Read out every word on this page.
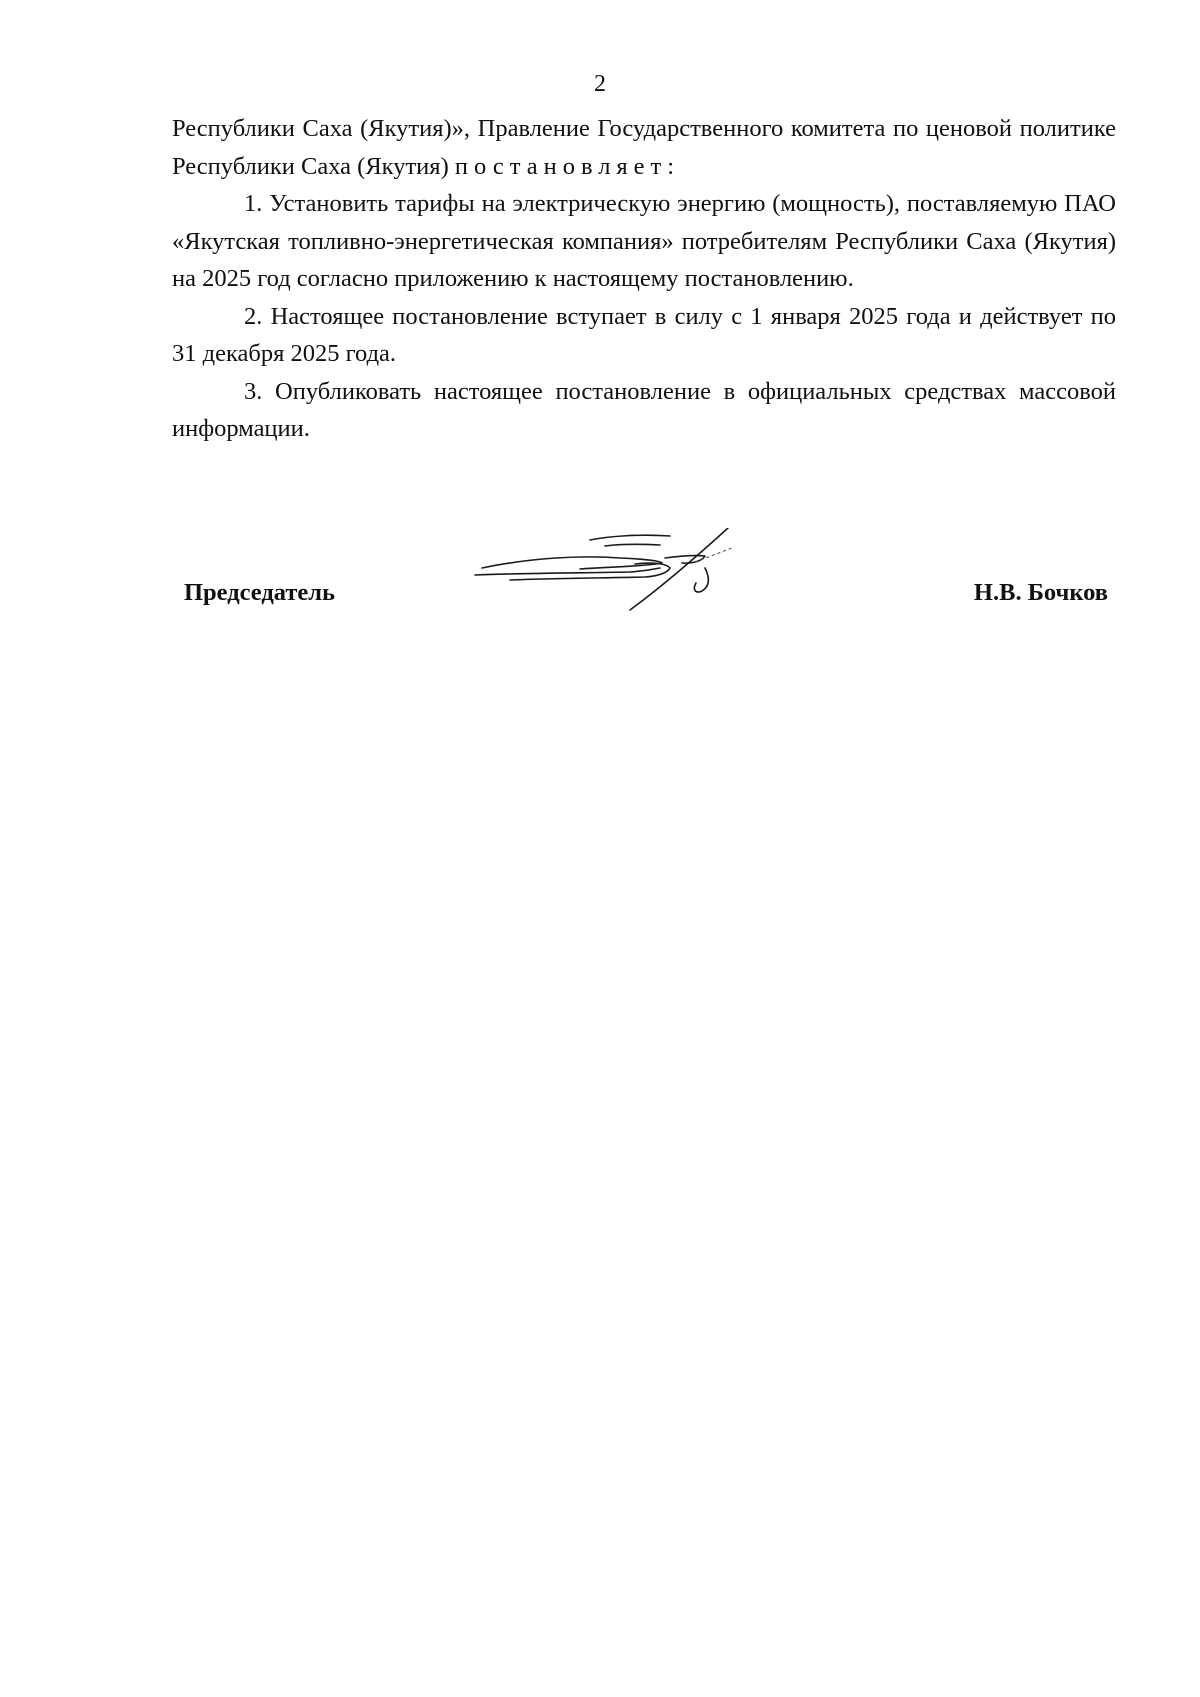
2

Республики Саха (Якутия)», Правление Государственного комитета по ценовой политике Республики Саха (Якутия) постановляет:

1. Установить тарифы на электрическую энергию (мощность), поставляемую ПАО «Якутская топливно-энергетическая компания» потребителям Республики Саха (Якутия) на 2025 год согласно приложению к настоящему постановлению.

2. Настоящее постановление вступает в силу с 1 января 2025 года и действует по 31 декабря 2025 года.

3. Опубликовать настоящее постановление в официальных средствах массовой информации.

Председатель	Н.В. Бочков
